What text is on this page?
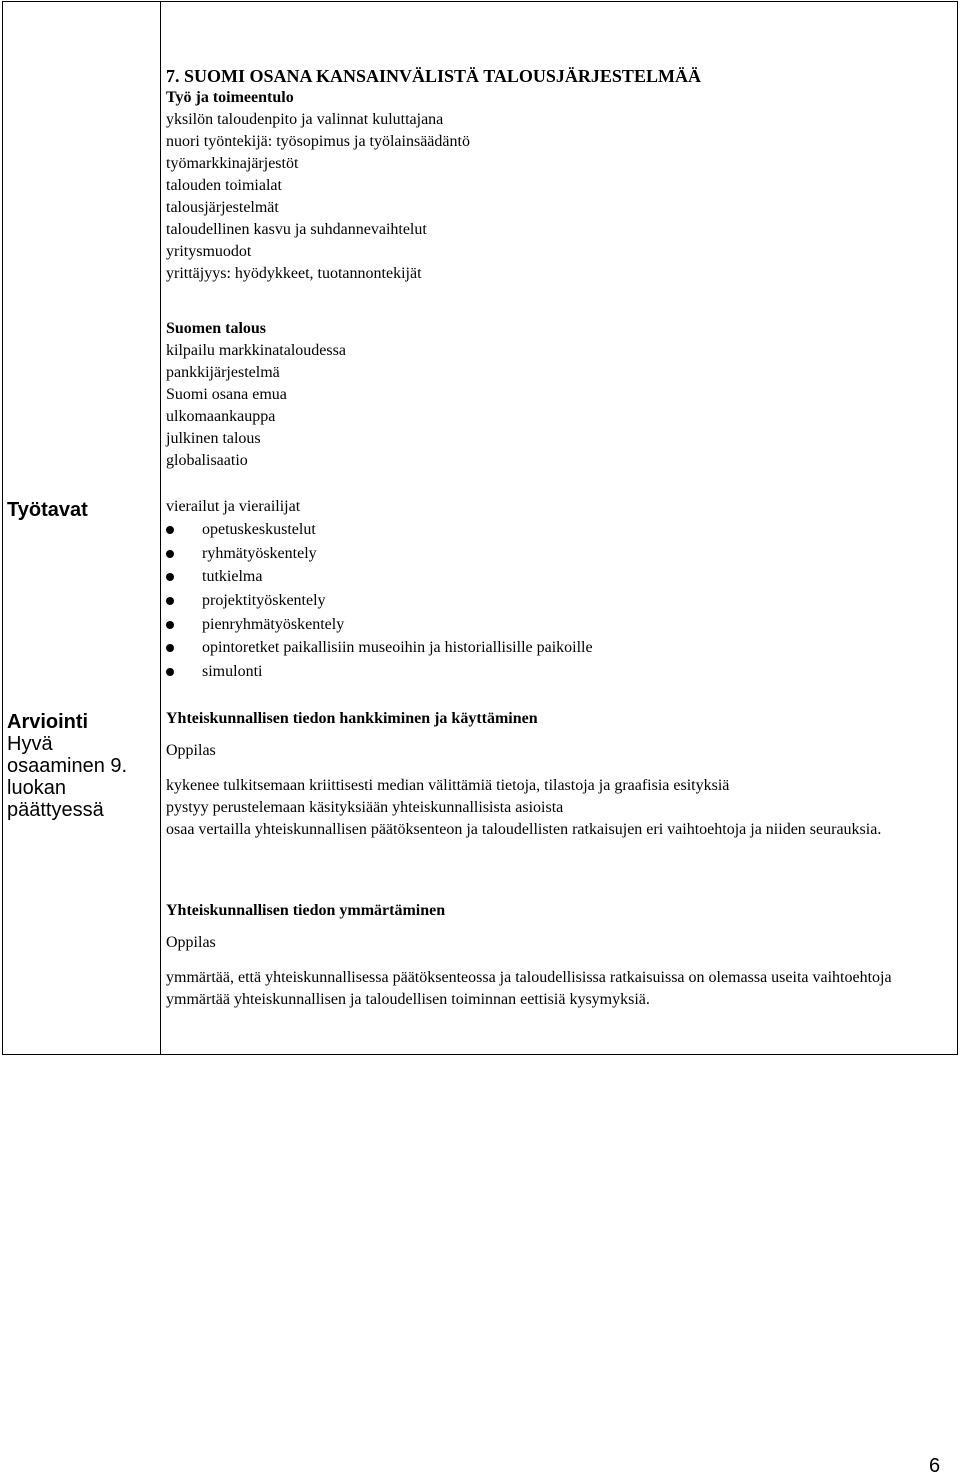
7. SUOMI OSANA KANSAINVÄLISTÄ TALOUSJÄRJESTELMÄÄ
Työ ja toimeentulo
yksilön taloudenpito ja valinnat kuluttajana
nuori työntekijä: työsopimus ja työlainsäädäntö
työmarkkinajärjestöt
talouden toimialat
talousjärjestelmät
taloudellinen kasvu ja suhdannevaihtelut
yritysmuodot
yrittäjyys: hyödykkeet, tuotannontekijät
Suomen talous
kilpailu markkinataloudessa
pankkijärjestelmä
Suomi osana emua
ulkomaankauppa
julkinen talous
globalisaatio
Työtavat	vierailut ja vierailijat
opetuskeskustelut
ryhmätyöskentely
tutkielma
projektityöskentely
pienryhmätyöskentely
opintoretket paikallisiin museoihin ja historiallisille paikoille
simulonti
Arviointi
Hyvä
osaaminen 9.
luokan
päättyessä
Yhteiskunnallisen tiedon hankkiminen ja käyttäminen
Oppilas
kykenee tulkitsemaan kriittisesti median välittämiä tietoja, tilastoja ja graafisia esityksiä
pystyy perustelemaan käsityksiään yhteiskunnallisista asioista
osaa vertailla yhteiskunnallisen päätöksenteon ja taloudellisten ratkaisujen eri vaihtoehtoja ja niiden seurauksia.
Yhteiskunnallisen tiedon ymmärtäminen
Oppilas
ymmärtää, että yhteiskunnallisessa päätöksenteossa ja taloudellisissa ratkaisuissa on olemassa useita vaihtoehtoja ymmärtää yhteiskunnallisen ja taloudellisen toiminnan eettisiä kysymyksiä.
6
